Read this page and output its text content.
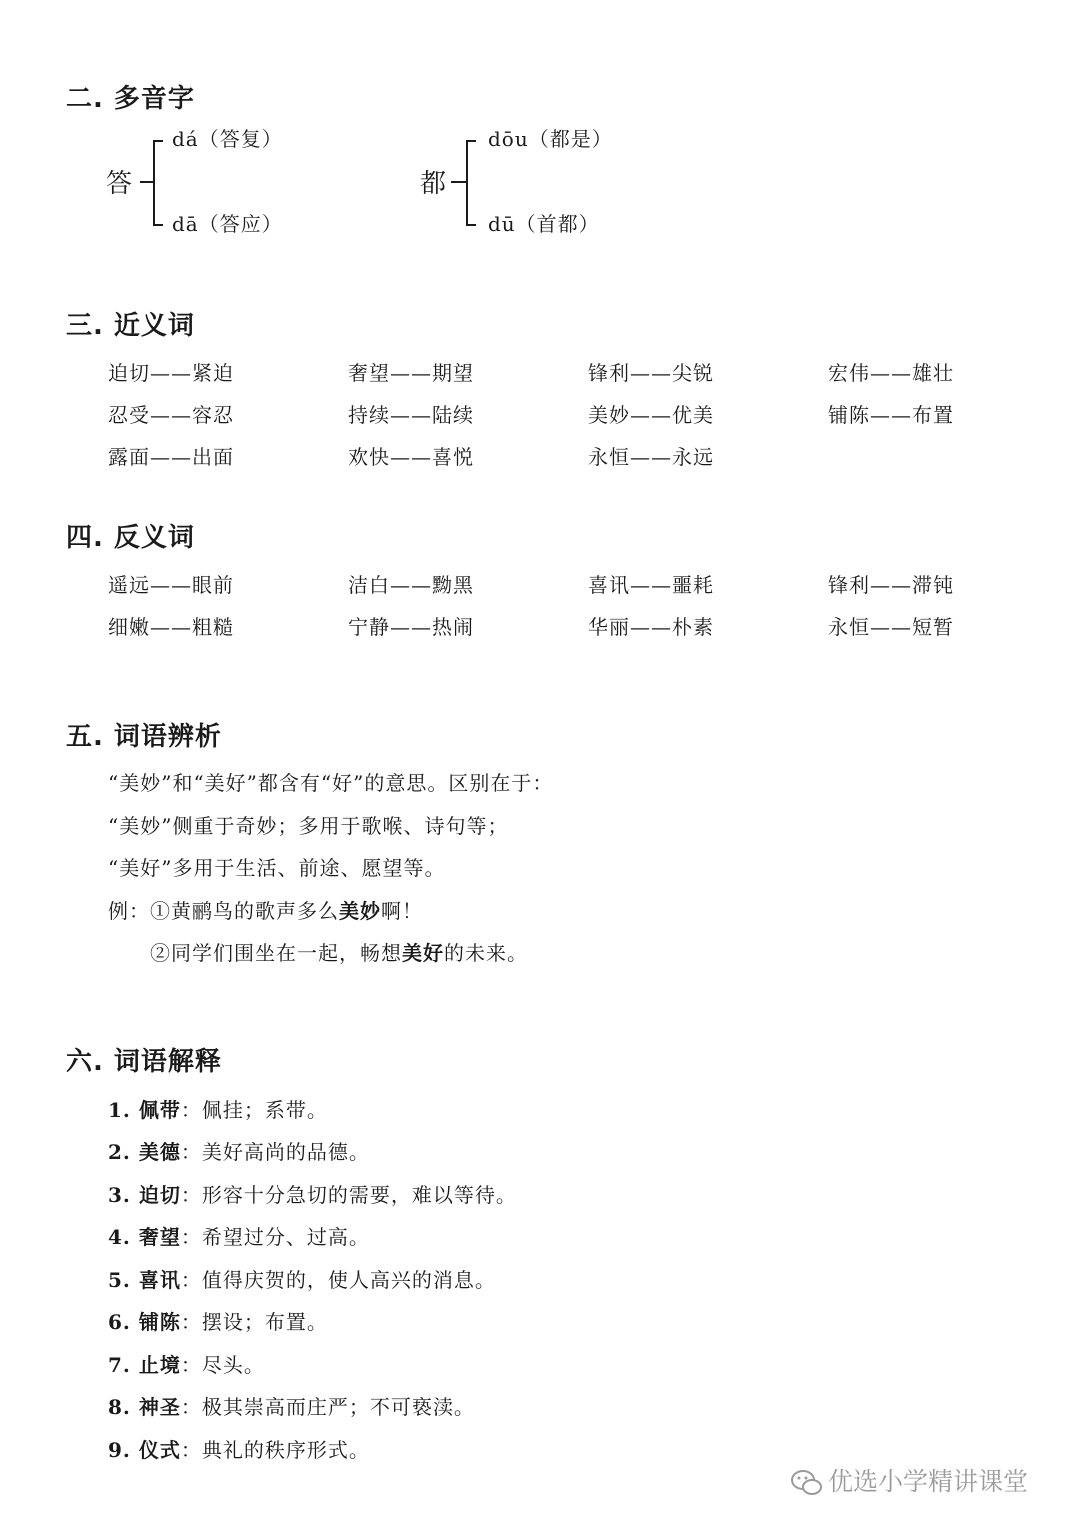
二. 多音字
答
dá（答复）
dā（答应）
都
dōu（都是）
dū（首都）
三. 近义词
迫切——紧迫	奢望——期望	锋利——尖锐	宏伟——雄壮
忍受——容忍	持续——陆续	美妙——优美	铺陈——布置
露面——出面	欢快——喜悦	永恒——永远
四. 反义词
遥远——眼前	洁白——黝黑	喜讯——噩耗	锋利——滞钝
细嫩——粗糙	宁静——热闹	华丽——朴素	永恒——短暂
五. 词语辨析
“美妙”和“美好”都含有“好”的意思。区别在于：
“美妙”侧重于奇妙；多用于歌喉、诗句等；
“美好”多用于生活、前途、愿望等。
例：①黄鹂鸟的歌声多么美妙啊！
②同学们围坐在一起，畅想美好的未来。
六. 词语解释
1. 佩带：佩挂；系带。
2. 美德：美好高尚的品德。
3. 迫切：形容十分急切的需要，难以等待。
4. 奢望：希望过分、过高。
5. 喜讯：值得庆贺的，使人高兴的消息。
6. 铺陈：摆设；布置。
7. 止境：尽头。
8. 神圣：极其崇高而庄严；不可亵渎。
9. 仪式：典礼的秩序形式。
优选小学精讲课堂
